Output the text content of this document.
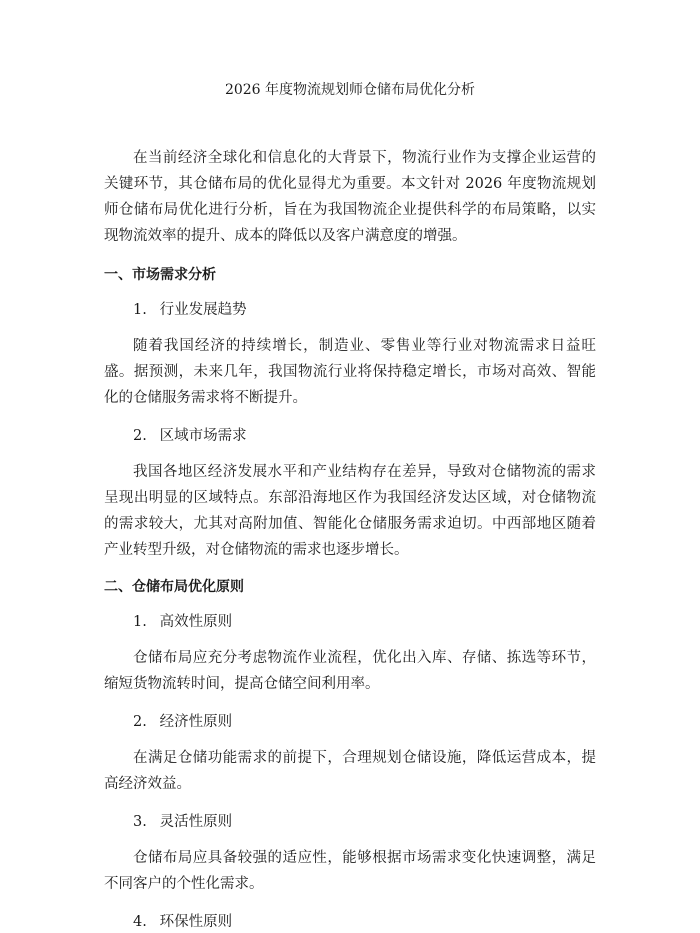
2026 年度物流规划师仓储布局优化分析

在当前经济全球化和信息化的大背景下，物流行业作为支撑企业运营的关键环节，其仓储布局的优化显得尤为重要。本文针对 2026 年度物流规划师仓储布局优化进行分析，旨在为我国物流企业提供科学的布局策略，以实现物流效率的提升、成本的降低以及客户满意度的增强。

一、市场需求分析
1. 行业发展趋势

随着我国经济的持续增长，制造业、零售业等行业对物流需求日益旺盛。据预测，未来几年，我国物流行业将保持稳定增长，市场对高效、智能化的仓储服务需求将不断提升。

2. 区域市场需求

我国各地区经济发展水平和产业结构存在差异，导致对仓储物流的需求呈现出明显的区域特点。东部沿海地区作为我国经济发达区域，对仓储物流的需求较大，尤其对高附加值、智能化仓储服务需求迫切。中西部地区随着产业转型升级，对仓储物流的需求也逐步增长。

二、仓储布局优化原则
1. 高效性原则

仓储布局应充分考虑物流作业流程，优化出入库、存储、拣选等环节，缩短货物流转时间，提高仓储空间利用率。

2. 经济性原则

在满足仓储功能需求的前提下，合理规划仓储设施，降低运营成本，提高经济效益。

3. 灵活性原则

仓储布局应具备较强的适应性，能够根据市场需求变化快速调整，满足不同客户的个性化需求。

4. 环保性原则
